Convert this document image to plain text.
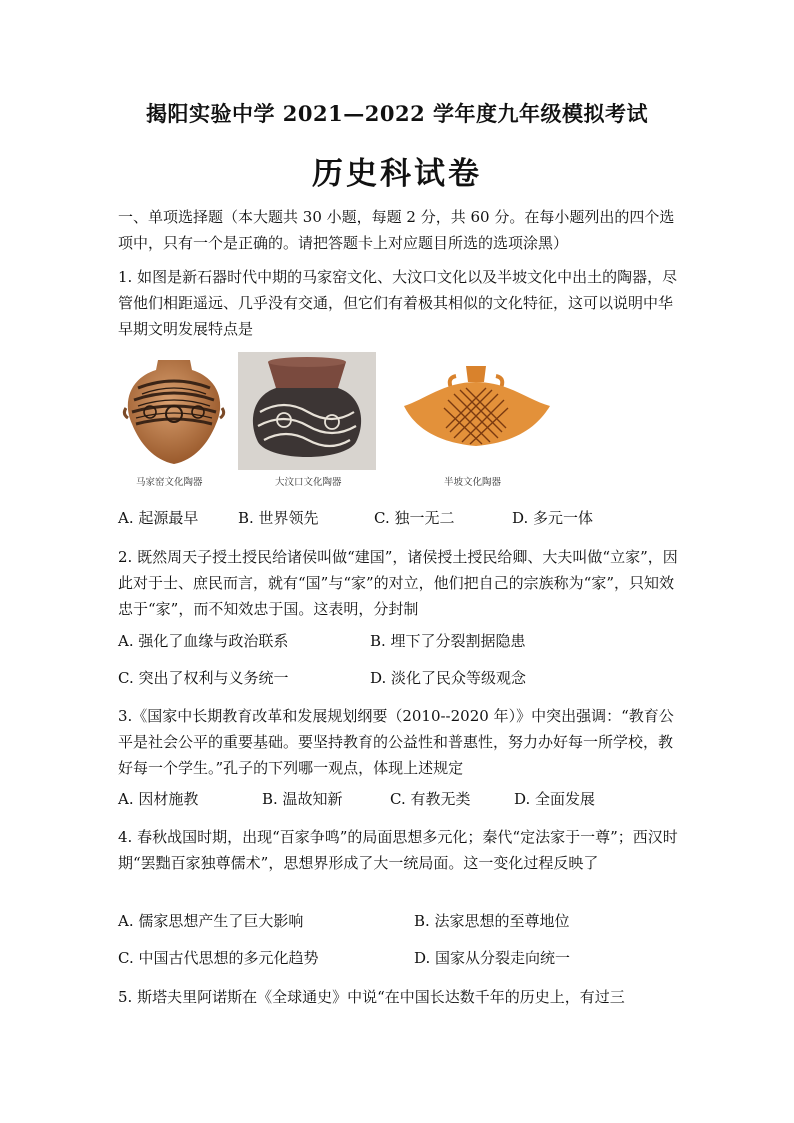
揭阳实验中学 2021—2022 学年度九年级模拟考试
历史科试卷
一、单项选择题（本大题共 30 小题，每题 2 分，共 60 分。在每小题列出的四个选项中，只有一个是正确的。请把答题卡上对应题目所选的选项涂黑）
1. 如图是新石器时代中期的马家窑文化、大汶口文化以及半坡文化中出土的陶器，尽管他们相距遥远、几乎没有交通，但它们有着极其相似的文化特征，这可以说明中华早期文明发展特点是
马家窑文化陶器	大汶口文化陶器	半坡文化陶器
A. 起源最早	B. 世界领先	C. 独一无二	D. 多元一体
2. 既然周天子授土授民给诸侯叫做“建国”，诸侯授土授民给卿、大夫叫做“立家”，因此对于士、庶民而言，就有“国”与“家”的对立，他们把自己的宗族称为“家”，只知效忠于“家”，而不知效忠于国。这表明，分封制
A. 强化了血缘与政治联系	B. 埋下了分裂割据隐患
C. 突出了权利与义务统一	D. 淡化了民众等级观念
3.《国家中长期教育改革和发展规划纲要（2010--2020 年）》中突出强调：“教育公平是社会公平的重要基础。要坚持教育的公益性和普惠性，努力办好每一所学校，教好每一个学生。”孔子的下列哪一观点，体现上述规定
A. 因材施教	B. 温故知新	C. 有教无类	D. 全面发展
4. 春秋战国时期，出现“百家争鸣”的局面思想多元化；秦代“定法家于一尊”；西汉时期“罢黜百家独尊儒术”，思想界形成了大一统局面。这一变化过程反映了
A. 儒家思想产生了巨大影响	B. 法家思想的至尊地位
C. 中国古代思想的多元化趋势	D. 国家从分裂走向统一
5. 斯塔夫里阿诺斯在《全球通史》中说“在中国长达数千年的历史上，有过三
